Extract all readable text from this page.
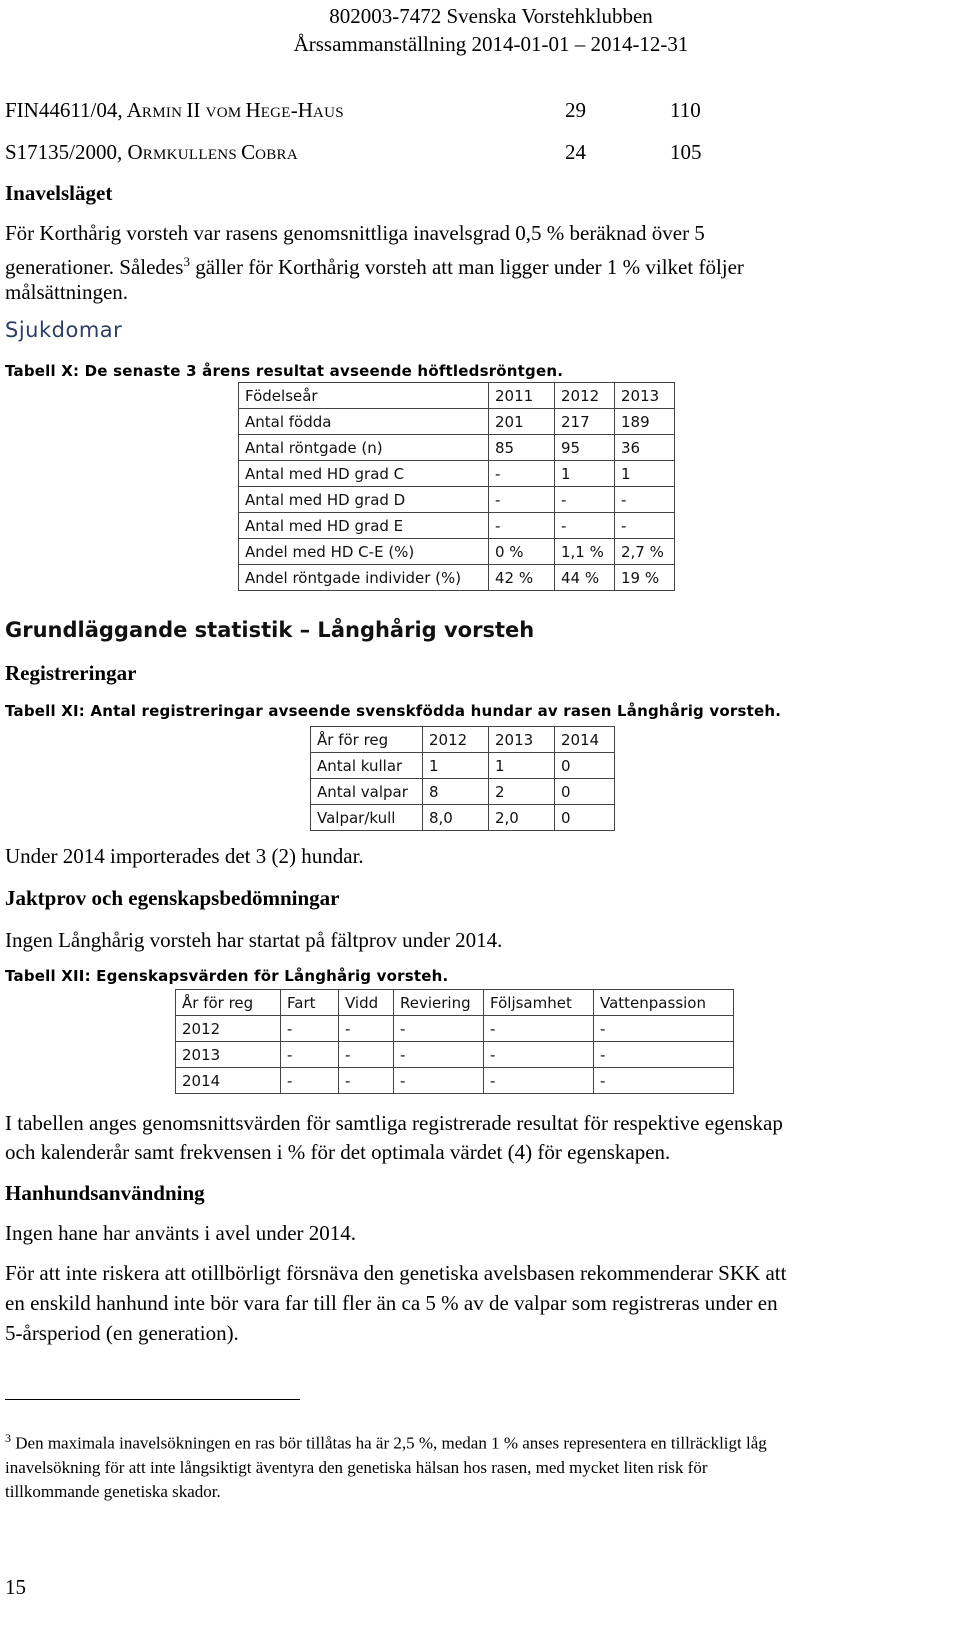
802003-7472 Svenska Vorstehklubben
Årssammanställning 2014-01-01 – 2014-12-31
FIN44611/04, ARMIN II VOM HEGE-HAUS	29	110
S17135/2000, ORMKULLENS COBRA	24	105
Inavelsläget
För Korthårig vorsteh var rasens genomsnittliga inavelsgrad 0,5 % beräknad över 5
generationer. Således$^3$ gäller för Korthårig vorsteh att man ligger under 1 % vilket följer
målsättningen.
Sjukdomar
Tabell X: De senaste 3 årens resultat avseende höftledsröntgen.
Födelseår	2011	2012	2013
Antal födda	201	217	189
Antal röntgade (n)	85	95	36
Antal med HD grad C	-	1	1
Antal med HD grad D	-	-	-
Antal med HD grad E	-	-	-
Andel med HD C-E (%)	0 %	1,1 %	2,7 %
Andel röntgade individer (%)	42 %	44 %	19 %
Grundläggande statistik – Långhårig vorsteh
Registreringar
Tabell XI: Antal registreringar avseende svenskfödda hundar av rasen Långhårig vorsteh.
År för reg	2012	2013	2014
Antal kullar	1	1	0
Antal valpar	8	2	0
Valpar/kull	8,0	2,0	0
Under 2014 importerades det 3 (2) hundar.
Jaktprov och egenskapsbedömningar
Ingen Långhårig vorsteh har startat på fältprov under 2014.
Tabell XII: Egenskapsvärden för Långhårig vorsteh.
År för reg	Fart	Vidd	Reviering	Följsamhet	Vattenpassion
2012	-	-	-	-	-
2013	-	-	-	-	-
2014	-	-	-	-	-
I tabellen anges genomsnittsvärden för samtliga registrerade resultat för respektive egenskap
och kalenderår samt frekvensen i % för det optimala värdet (4) för egenskapen.
Hanhundsanvändning
Ingen hane har använts i avel under 2014.
För att inte riskera att otillbörligt försnäva den genetiska avelsbasen rekommenderar SKK att
en enskild hanhund inte bör vara far till fler än ca 5 % av de valpar som registreras under en
5-årsperiod (en generation).
$^3$ Den maximala inavelsökningen en ras bör tillåtas ha är 2,5 %, medan 1 % anses representera en tillräckligt låg
inavelsökning för att inte långsiktigt äventyra den genetiska hälsan hos rasen, med mycket liten risk för
tillkommande genetiska skador.
15
